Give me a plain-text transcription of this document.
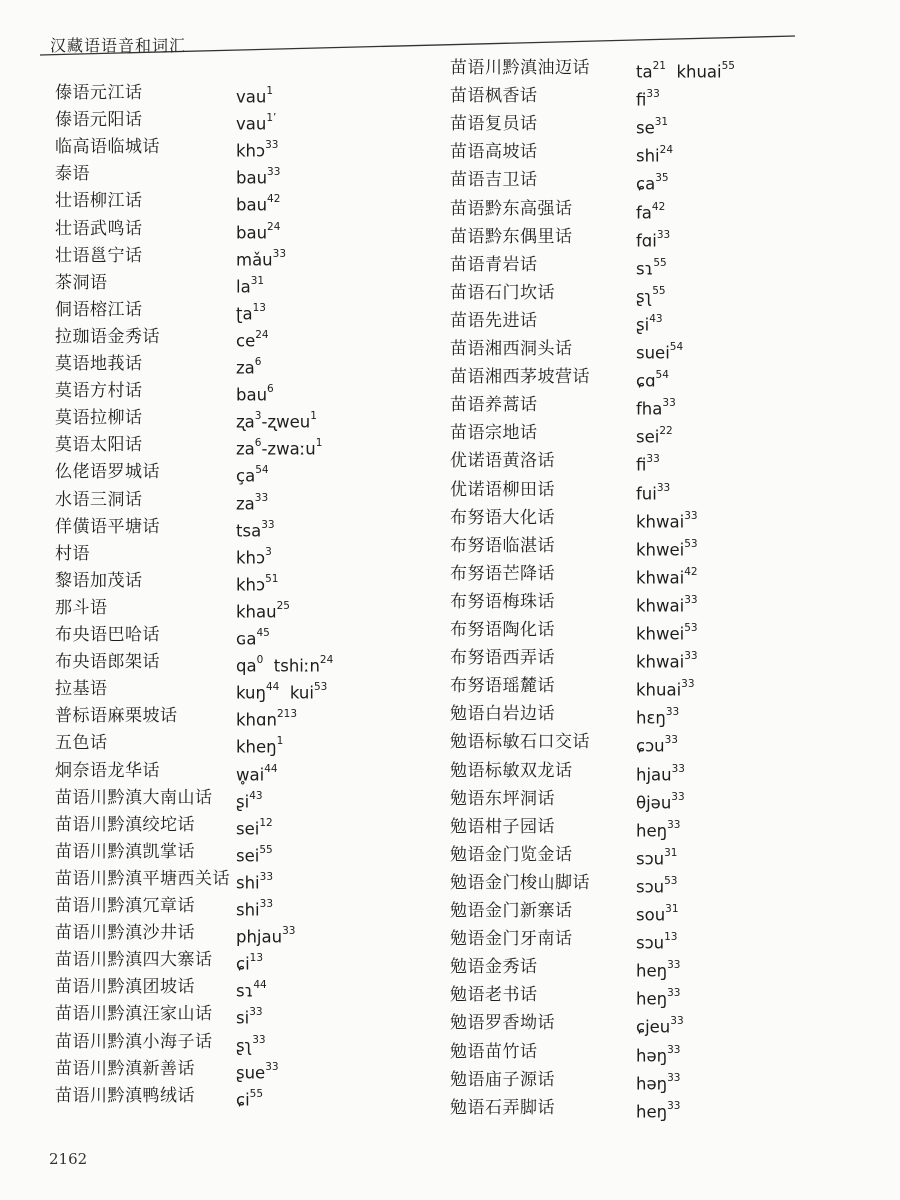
汉藏语语音和词汇
傣语元江话	vau$^1$
傣语元阳话	vau$^{1’}$
临高语临城话	khɔ$^{33}$
泰语	bau$^{33}$
壮语柳江话	bau$^{42}$
壮语武鸣话	bau$^{24}$
壮语邕宁话	mǎu$^{33}$
茶洞语	$la^{31}$
侗语榕江话	ʈa$^{13}$
拉珈语金秀话	$ce^{24}$
莫语地莪话	$za^6$
莫语方村话	bau$^6$
莫语拉柳话	ʐa$^3$-ʐweu$^1$
莫语太阳话	$za^6-zwaːu^1$
仫佬语罗城话	$ça^{54}$
水语三洞话	$za^{33}$
佯僙语平塘话	tsa$^{33}$
村语	khɔ$^3$
黎语加茂话	khɔ$^{51}$
那斗语	khau$^{25}$
布央语巴哈话	ɢa$^{45}$
布央语郎架话	$qa^0$  tshiːn$^{24}$
拉基语	kuŋ$^{44}$  kui$^{53}$
普标语麻栗坡话	khɑn$^{213}$
五色话	kheŋ$^1$
炯奈语龙华话	$w̥ai^{44}$
苗语川黔滇大南山话 ʂi$^{43}$
苗语川黔滇绞坨话 sei$^{12}$
苗语川黔滇凯掌话 sei$^{55}$
苗语川黔滇平塘西关话 shi$^{33}$
苗语川黔滇冗章话 shi$^{33}$
苗语川黔滇沙井话 phjau$^{33}$
苗语川黔滇四大寨话 ɕi$^{13}$
苗语川黔滇团坡话 sɿ$^{44}$
苗语川黔滇汪家山话 $si^{33}$
苗语川黔滇小海子话 ʂʅ$^{33}$
苗语川黔滇新善话 ʂue$^{33}$
苗语川黔滇鸭绒话 ɕi$^{55}$
苗语川黔滇油迈话	$ta^{21}$  khuai$^{55}$
苗语枫香话	$fi^{33}$
苗语复员话	$se^{31}$
苗语高坡话	shi$^{24}$
苗语吉卫话	ɕa$^{35}$
苗语黔东高强话	$fa^{42}$
苗语黔东偶里话	fɑi$^{33}$
苗语青岩话	sɿ$^{55}$
苗语石门坎话	ʂʅ$^{55}$
苗语先进话	ʂi$^{43}$
苗语湘西洞头话	suei$^{54}$
苗语湘西茅坡营话	ɕɑ$^{54}$
苗语养蒿话	fha$^{33}$
苗语宗地话	sei$^{22}$
优诺语黄洛话	$fi^{33}$
优诺语柳田话	fui$^{33}$
布努语大化话	khwai$^{33}$
布努语临湛话	khwei$^{53}$
布努语芒降话	khwai$^{42}$
布努语梅珠话	khwai$^{33}$
布努语陶化话	khwei$^{53}$
布努语西弄话	khwai$^{33}$
布努语瑶麓话	khuai$^{33}$
勉语白岩边话	hɛŋ$^{33}$
勉语标敏石口交话	ɕɔu$^{33}$
勉语标敏双龙话	hjau$^{33}$
勉语东坪洞话	θjəu$^{33}$
勉语柑子园话	heŋ$^{33}$
勉语金门览金话	sɔu$^{31}$
勉语金门梭山脚话	sɔu$^{53}$
勉语金门新寨话	sou$^{31}$
勉语金门牙南话	sɔu$^{13}$
勉语金秀话	heŋ$^{33}$
勉语老书话	heŋ$^{33}$
勉语罗香坳话	ɕjeu$^{33}$
勉语苗竹话	həŋ$^{33}$
勉语庙子源话	həŋ$^{33}$
勉语石弄脚话	heŋ$^{33}$
2162
